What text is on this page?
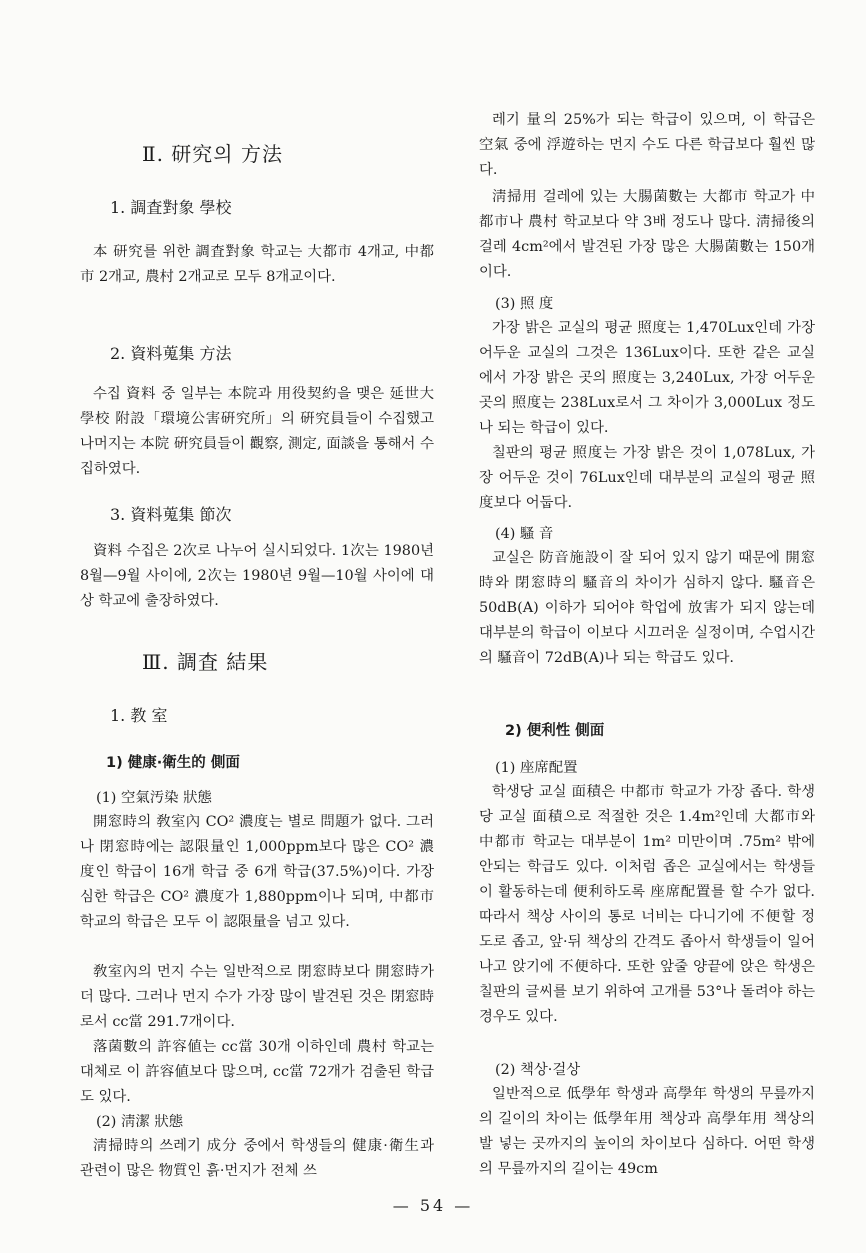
Ⅱ. 研究의 方法
1. 調査對象 學校

本 研究를 위한 調査對象 학교는 大都市 4개교, 中都市 2개교, 農村 2개교로 모두 8개교이다.

2. 資料蒐集 方法

수집 資料 중 일부는 本院과 用役契約을 맺은 延世大學校 附設「環境公害硏究所」의 硏究員들이 수집했고 나머지는 本院 硏究員들이 觀察, 測定, 面談을 통해서 수집하였다.

3. 資料蒐集 節次

資料 수집은 2次로 나누어 실시되었다. 1次는 1980년 8월—9월 사이에, 2次는 1980년 9월—10월 사이에 대상 학교에 출장하였다.

Ⅲ. 調査 結果
1. 教 室
1) 健康·衛生的 側面
(1) 空氣汚染 狀態

開窓時의 敎室內 CO² 濃度는 별로 問題가 없다. 그러나 閉窓時에는 認限量인 1,000ppm보다 많은 CO² 濃度인 학급이 16개 학급 중 6개 학급(37.5%)이다. 가장 심한 학급은 CO² 濃度가 1,880ppm이나 되며, 中都市 학교의 학급은 모두 이 認限量을 넘고 있다.

敎室內의 먼지 수는 일반적으로 閉窓時보다 開窓時가 더 많다. 그러나 먼지 수가 가장 많이 발견된 것은 閉窓時로서 cc當 291.7개이다.

落菌數의 許容値는 cc當 30개 이하인데 農村 학교는 대체로 이 許容値보다 많으며, cc當 72개가 검출된 학급도 있다.

(2) 淸潔 狀態

淸掃時의 쓰레기 成分 중에서 학생들의 健康·衛生과 관련이 많은 物質인 흙·먼지가 전체 쓰

레기 量의 25%가 되는 학급이 있으며, 이 학급은 空氣 중에 浮遊하는 먼지 수도 다른 학급보다 훨씬 많다.

淸掃用 걸레에 있는 大腸菌數는 大都市 학교가 中都市나 農村 학교보다 약 3배 정도나 많다. 淸掃後의 걸레 4cm²에서 발견된 가장 많은 大腸菌數는 150개이다.

(3) 照 度

가장 밝은 교실의 평균 照度는 1,470Lux인데 가장 어두운 교실의 그것은 136Lux이다. 또한 같은 교실에서 가장 밝은 곳의 照度는 3,240Lux, 가장 어두운 곳의 照度는 238Lux로서 그 차이가 3,000Lux 정도나 되는 학급이 있다.

칠판의 평균 照度는 가장 밝은 것이 1,078Lux, 가장 어두운 것이 76Lux인데 대부분의 교실의 평균 照度보다 어둡다.

(4) 騷 音

교실은 防音施設이 잘 되어 있지 않기 때문에 開窓時와 閉窓時의 騷音의 차이가 심하지 않다. 騷音은 50dB(A) 이하가 되어야 학업에 放害가 되지 않는데 대부분의 학급이 이보다 시끄러운 실정이며, 수업시간의 騷音이 72dB(A)나 되는 학급도 있다.

2) 便利性 側面
(1) 座席配置

학생당 교실 面積은 中都市 학교가 가장 좁다. 학생당 교실 面積으로 적절한 것은 1.4m²인데 大都市와 中都市 학교는 대부분이 1m² 미만이며 .75m² 밖에 안되는 학급도 있다. 이처럼 좁은 교실에서는 학생들이 활동하는데 便利하도록 座席配置를 할 수가 없다. 따라서 책상 사이의 통로 너비는 다니기에 不便할 정도로 좁고, 앞·뒤 책상의 간격도 좁아서 학생들이 일어나고 앉기에 不便하다. 또한 앞줄 양끝에 앉은 학생은 칠판의 글씨를 보기 위하여 고개를 53°나 돌려야 하는 경우도 있다.

(2) 책상·걸상

일반적으로 低學年 학생과 高學年 학생의 무릎까지의 길이의 차이는 低學年用 책상과 高學年用 책상의 발 넣는 곳까지의 높이의 차이보다 심하다. 어떤 학생의 무릎까지의 길이는 49cm

— 54 —
